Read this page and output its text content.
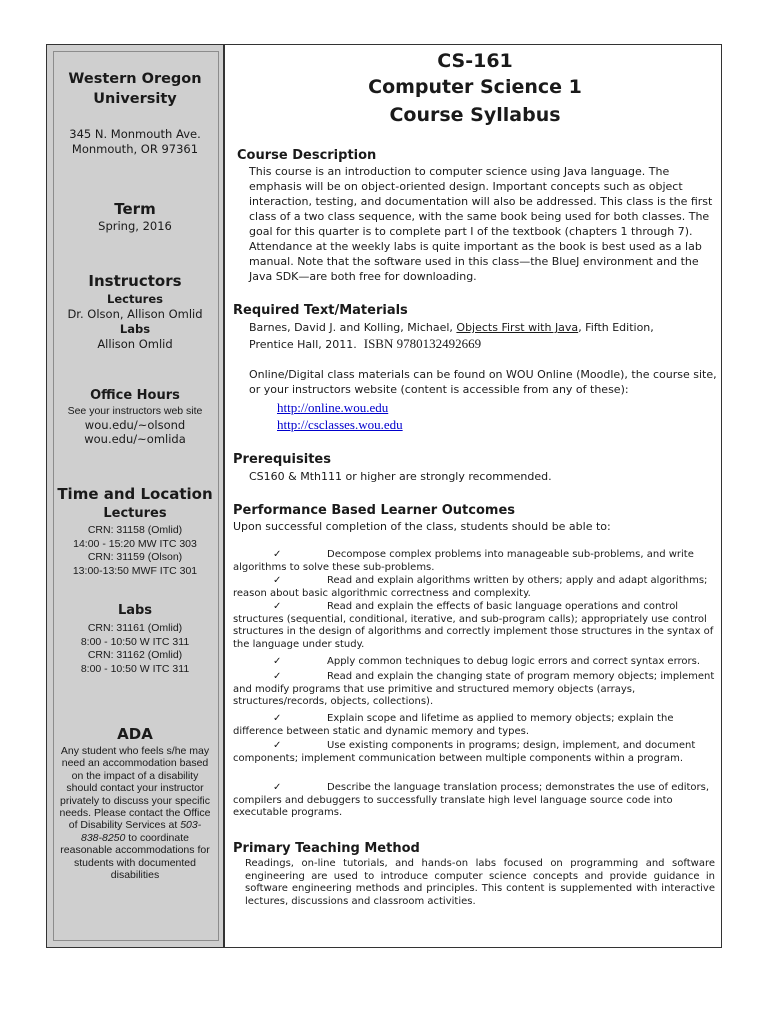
Western Oregon
University
345 N. Monmouth Ave.
Monmouth, OR 97361
Term
Spring, 2016
Instructors
Lectures
Dr. Olson, Allison Omlid
Labs
Allison Omlid
Office Hours
See your instructors web site
wou.edu/~olsond
wou.edu/~omlida
Time and Location
Lectures
CRN: 31158 (Omlid)
14:00 - 15:20 MW ITC 303
CRN: 31159 (Olson)
13:00-13:50 MWF ITC 301
Labs
CRN: 31161 (Omlid)
8:00 - 10:50 W ITC 311
CRN: 31162 (Omlid)
8:00 - 10:50 W ITC 311
ADA
Any student who feels s/he may need an accommodation based on the impact of a disability should contact your instructor privately to discuss your specific needs. Please contact the Office of Disability Services at 503-838-8250 to coordinate reasonable accommodations for students with documented disabilities
CS-161
Computer Science 1
Course Syllabus
Course Description
This course is an introduction to computer science using Java language. The emphasis will be on object-oriented design. Important concepts such as object interaction, testing, and documentation will also be addressed. This class is the first class of a two class sequence, with the same book being used for both classes. The goal for this quarter is to complete part I of the textbook (chapters 1 through 7). Attendance at the weekly labs is quite important as the book is best used as a lab manual. Note that the software used in this class—the BlueJ environment and the Java SDK—are both free for downloading.
Required Text/Materials
Barnes, David J. and Kolling, Michael, Objects First with Java, Fifth Edition,
Prentice Hall, 2011. ISBN 9780132492669
Online/Digital class materials can be found on WOU Online (Moodle), the course site, or your instructors website (content is accessible from any of these):
http://online.wou.edu
http://csclasses.wou.edu
Prerequisites
CS160 & Mth111 or higher are strongly recommended.
Performance Based Learner Outcomes
Upon successful completion of the class, students should be able to:
✓	Decompose complex problems into manageable sub-problems, and write algorithms to solve these sub-problems.
✓	Read and explain algorithms written by others; apply and adapt algorithms; reason about basic algorithmic correctness and complexity.
✓	Read and explain the effects of basic language operations and control structures (sequential, conditional, iterative, and sub-program calls); appropriately use control structures in the design of algorithms and correctly implement those structures in the syntax of the language under study.
✓	Apply common techniques to debug logic errors and correct syntax errors.
✓	Read and explain the changing state of program memory objects; implement and modify programs that use primitive and structured memory objects (arrays, structures/records, objects, collections).
✓	Explain scope and lifetime as applied to memory objects; explain the difference between static and dynamic memory and types.
✓	Use existing components in programs; design, implement, and document components; implement communication between multiple components within a program.
✓	Describe the language translation process; demonstrates the use of editors, compilers and debuggers to successfully translate high level language source code into executable programs.
Primary Teaching Method
Readings, on-line tutorials, and hands-on labs focused on programming and software engineering are used to introduce computer science concepts and provide guidance in software engineering methods and principles. This content is supplemented with interactive lectures, discussions and classroom activities.
